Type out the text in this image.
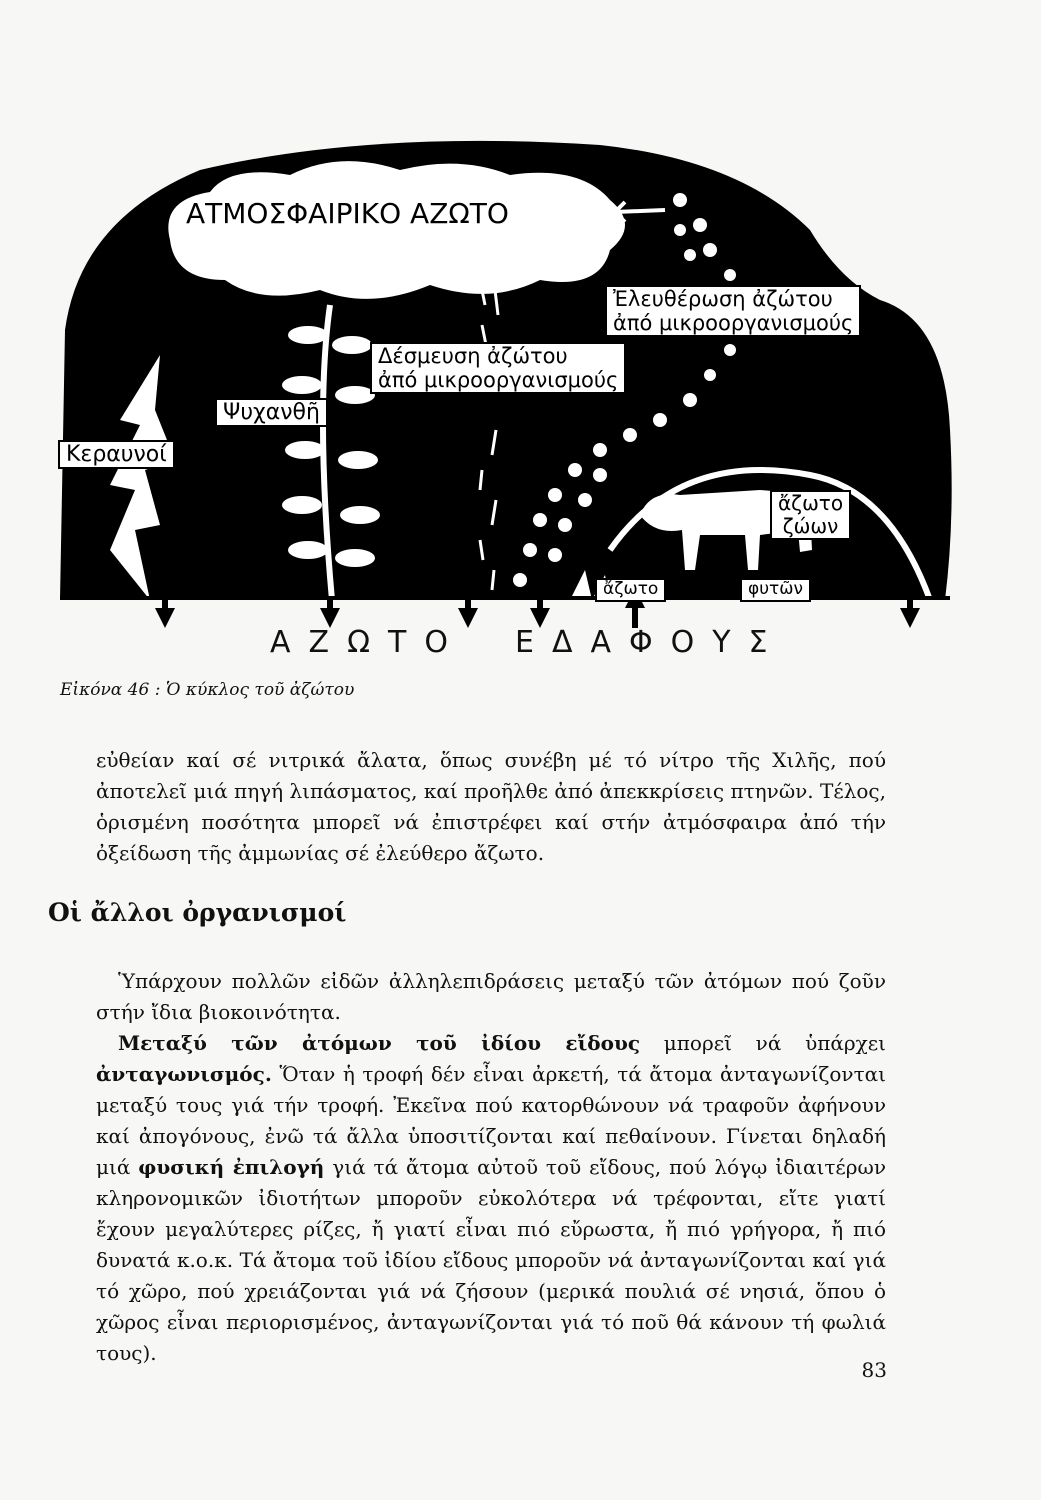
ΑΤΜΟΣΦΑΙΡΙΚΟ ΑΖΩΤΟ
Ἐλευθέρωση ἀζώτου
ἀπό μικροοργανισμούς
Δέσμευση ἀζώτου
ἀπό μικροοργανισμούς
Ψυχανθῆ
Κεραυνοί
ἄζωτο
ζώων
ἄζωτο	φυτῶν
ΑΖΩΤΟ ΕΔΑΦΟΥΣ
Εἰκόνα 46 : Ὁ κύκλος τοῦ ἀζώτου

εὐθείαν καί σέ νιτρικά ἄλατα, ὅπως συνέβη μέ τό νίτρο τῆς Χιλῆς, πού ἀποτελεῖ μιά πηγή λιπάσματος, καί προῆλθε ἀπό ἀπεκκρίσεις πτηνῶν. Τέλος, ὁρισμένη ποσότητα μπορεῖ νά ἐπιστρέφει καί στήν ἀτμόσφαιρα ἀπό τήν ὀξείδωση τῆς ἀμμωνίας σέ ἐλεύθερο ἄζωτο.

Οἱ ἄλλοι ὀργανισμοί

Ὑπάρχουν πολλῶν εἰδῶν ἀλληλεπιδράσεις μεταξύ τῶν ἀτόμων πού ζοῦν στήν ἴδια βιοκοινότητα.

Μεταξύ τῶν ἀτόμων τοῦ ἰδίου εἴδους μπορεῖ νά ὑπάρχει ἀνταγωνισμός. Ὅταν ἡ τροφή δέν εἶναι ἀρκετή, τά ἄτομα ἀνταγωνίζονται μεταξύ τους γιά τήν τροφή. Ἐκεῖνα πού κατορθώνουν νά τραφοῦν ἀφήνουν καί ἀπογόνους, ἐνῶ τά ἄλλα ὑποσιτίζονται καί πεθαίνουν. Γίνεται δηλαδή μιά φυσική ἐπιλογή γιά τά ἄτομα αὐτοῦ τοῦ εἴδους, πού λόγῳ ἰδιαιτέρων κληρονομικῶν ἰδιοτήτων μποροῦν εὐκολότερα νά τρέφονται, εἴτε γιατί ἔχουν μεγαλύτερες ρίζες, ἤ γιατί εἶναι πιό εὔρωστα, ἤ πιό γρήγορα, ἤ πιό δυνατά κ.ο.κ. Τά ἄτομα τοῦ ἰδίου εἴδους μποροῦν νά ἀνταγωνίζονται καί γιά τό χῶρο, πού χρειάζονται γιά νά ζήσουν (μερικά πουλιά σέ νησιά, ὅπου ὁ χῶρος εἶναι περιορισμένος, ἀνταγωνίζονται γιά τό ποῦ θά κάνουν τή φωλιά τους).

83
